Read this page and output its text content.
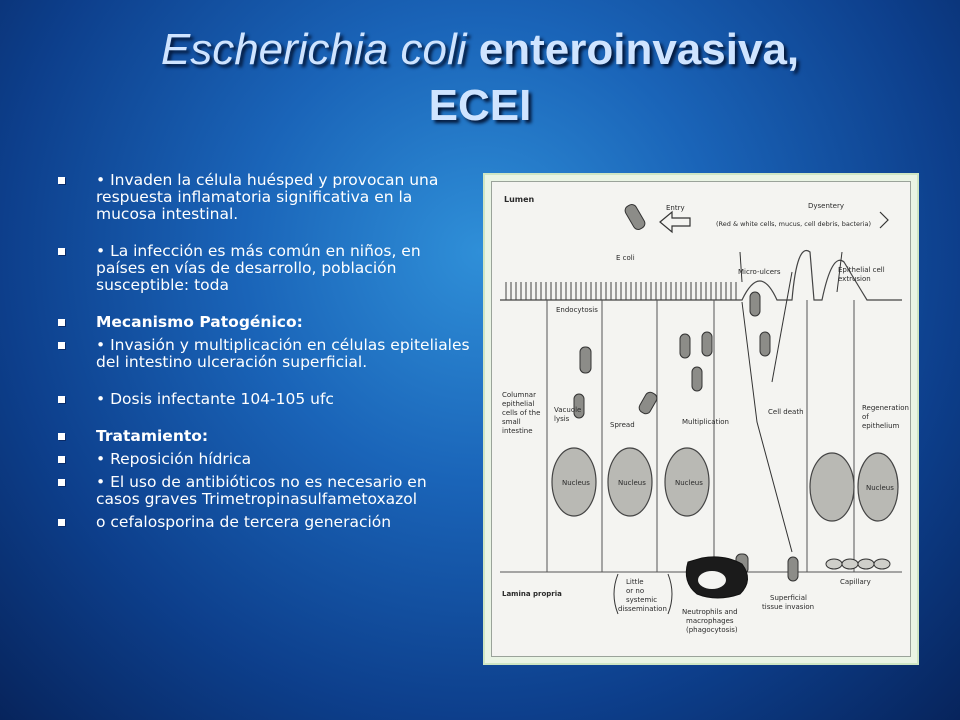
Escherichia coli enteroinvasiva,
ECEI
• Invaden la célula huésped y provocan una respuesta inflamatoria significativa en la mucosa intestinal.
• La infección es más común en niños, en países en vías de desarrollo, población susceptible: toda
Mecanismo Patogénico:
• Invasión y multiplicación en células epiteliales del intestino ulceración superficial.
• Dosis infectante 104-105 ufc
Tratamiento:
• Reposición hídrica
• El uso de antibióticos no es necesario en casos graves Trimetropinasulfametoxazol
o cefalosporina de tercera generación
Nucleus	Nucleus	Nucleus
Nucleus
Lumen
Entry
E coli
Dysentery
(Red & white cells, mucus, cell debris, bacteria)
Micro-ulcers	Epithelial cell
extrusion
Endocytosis
Columnar
epithelial
cells of the
small
intestine
Vacuole
lysis
Spread	Multiplication
Cell death	Regeneration
of
epithelium
Capillary
Lamina propria
Little
or no
systemic
dissemination Neutrophils and
macrophages
(phagocytosis)
Superficial
tissue invasion
